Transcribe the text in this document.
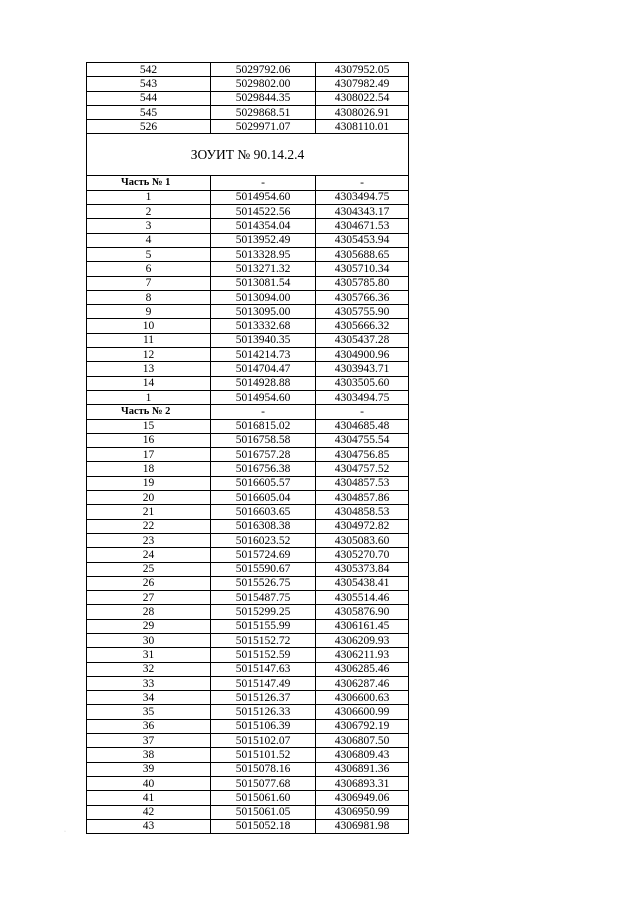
542	5029792.06	4307952.05
543	5029802.00	4307982.49
544	5029844.35	4308022.54
545	5029868.51	4308026.91
526	5029971.07	4308110.01
ЗОУИТ № 90.14.2.4		
Часть № 1	-	-
1	5014954.60	4303494.75
2	5014522.56	4304343.17
3	5014354.04	4304671.53
4	5013952.49	4305453.94
5	5013328.95	4305688.65
6	5013271.32	4305710.34
7	5013081.54	4305785.80
8	5013094.00	4305766.36
9	5013095.00	4305755.90
10	5013332.68	4305666.32
11	5013940.35	4305437.28
12	5014214.73	4304900.96
13	5014704.47	4303943.71
14	5014928.88	4303505.60
1	5014954.60	4303494.75
Часть № 2	-	-
15	5016815.02	4304685.48
16	5016758.58	4304755.54
17	5016757.28	4304756.85
18	5016756.38	4304757.52
19	5016605.57	4304857.53
20	5016605.04	4304857.86
21	5016603.65	4304858.53
22	5016308.38	4304972.82
23	5016023.52	4305083.60
24	5015724.69	4305270.70
25	5015590.67	4305373.84
26	5015526.75	4305438.41
27	5015487.75	4305514.46
28	5015299.25	4305876.90
29	5015155.99	4306161.45
30	5015152.72	4306209.93
31	5015152.59	4306211.93
32	5015147.63	4306285.46
33	5015147.49	4306287.46
34	5015126.37	4306600.63
35	5015126.33	4306600.99
36	5015106.39	4306792.19
37	5015102.07	4306807.50
38	5015101.52	4306809.43
39	5015078.16	4306891.36
40	5015077.68	4306893.31
41	5015061.60	4306949.06
42	5015061.05	4306950.99
43	5015052.18	4306981.98
·
